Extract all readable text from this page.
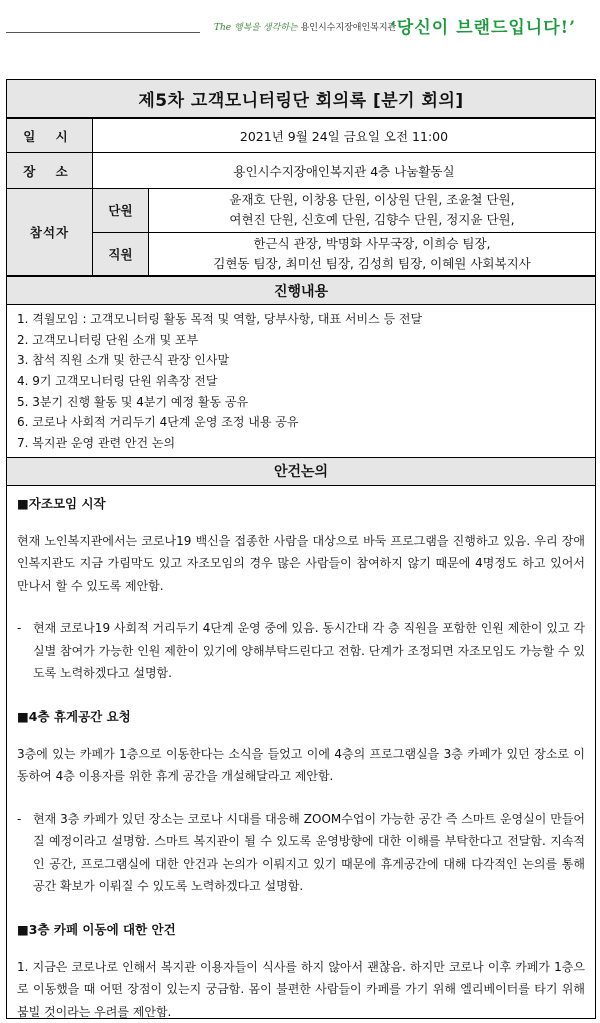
The 행복을 생각하는 용인시수지장애인복지관
‘당신이 브랜드입니다!’
제5차 고객모니터링단 회의록 [분기 회의]
일 시	2021년 9월 24일 금요일 오전 11:00
장 소	용인시수지장애인복지관 4층 나눔활동실
참석자
단원
윤재호 단원, 이창용 단원, 이상원 단원, 조윤철 단원,
여현진 단원, 신호예 단원, 김향수 단원, 정지윤 단원,
직원
한근식 관장, 박명화 사무국장, 이희승 팀장,
김현동 팀장, 최미선 팀장, 김성희 팀장, 이혜원 사회복지사
진행내용
1. 격월모임 : 고객모니터링 활동 목적 및 역할, 당부사항, 대표 서비스 등 전달
2. 고객모니터링 단원 소개 및 포부
3. 참석 직원 소개 및 한근식 관장 인사말
4. 9기 고객모니터링 단원 위촉장 전달
5. 3분기 진행 활동 및 4분기 예정 활동 공유
6. 코로나 사회적 거리두기 4단계 운영 조정 내용 공유
7. 복지관 운영 관련 안건 논의
안건논의
■자조모임 시작

현재 노인복지관에서는 코로나19 백신을 접종한 사람을 대상으로 바둑 프로그램을 진행하고 있음. 우리 장애인복지관도 지금 가림막도 있고 자조모임의 경우 많은 사람들이 참여하지 않기 때문에 4명정도 하고 있어서 만나서 할 수 있도록 제안함.

- 현재 코로나19 사회적 거리두기 4단계 운영 중에 있음. 동시간대 각 층 직원을 포함한 인원 제한이 있고 각 실별 참여가 가능한 인원 제한이 있기에 양해부탁드린다고 전함. 단계가 조정되면 자조모임도 가능할 수 있도록 노력하겠다고 설명함.
■4층 휴게공간 요청

3층에 있는 카페가 1층으로 이동한다는 소식을 들었고 이에 4층의 프로그램실을 3층 카페가 있던 장소로 이동하여 4층 이용자를 위한 휴게 공간을 개설해달라고 제안함.

- 현재 3층 카페가 있던 장소는 코로나 시대를 대응해 ZOOM수업이 가능한 공간 즉 스마트 운영실이 만들어질 예정이라고 설명함. 스마트 복지관이 될 수 있도록 운영방향에 대한 이해를 부탁한다고 전달함. 지속적인 공간, 프로그램실에 대한 안건과 논의가 이뤄지고 있기 때문에 휴게공간에 대해 다각적인 논의를 통해 공간 확보가 이뤄질 수 있도록 노력하겠다고 설명함.
■3층 카페 이동에 대한 안건

1. 지금은 코로나로 인해서 복지관 이용자들이 식사를 하지 않아서 괜찮음. 하지만 코로나 이후 카페가 1층으로 이동했을 때 어떤 장점이 있는지 궁금함. 몸이 불편한 사람들이 카페를 가기 위해 엘리베이터를 타기 위해 붐빌 것이라는 우려를 제안함.
